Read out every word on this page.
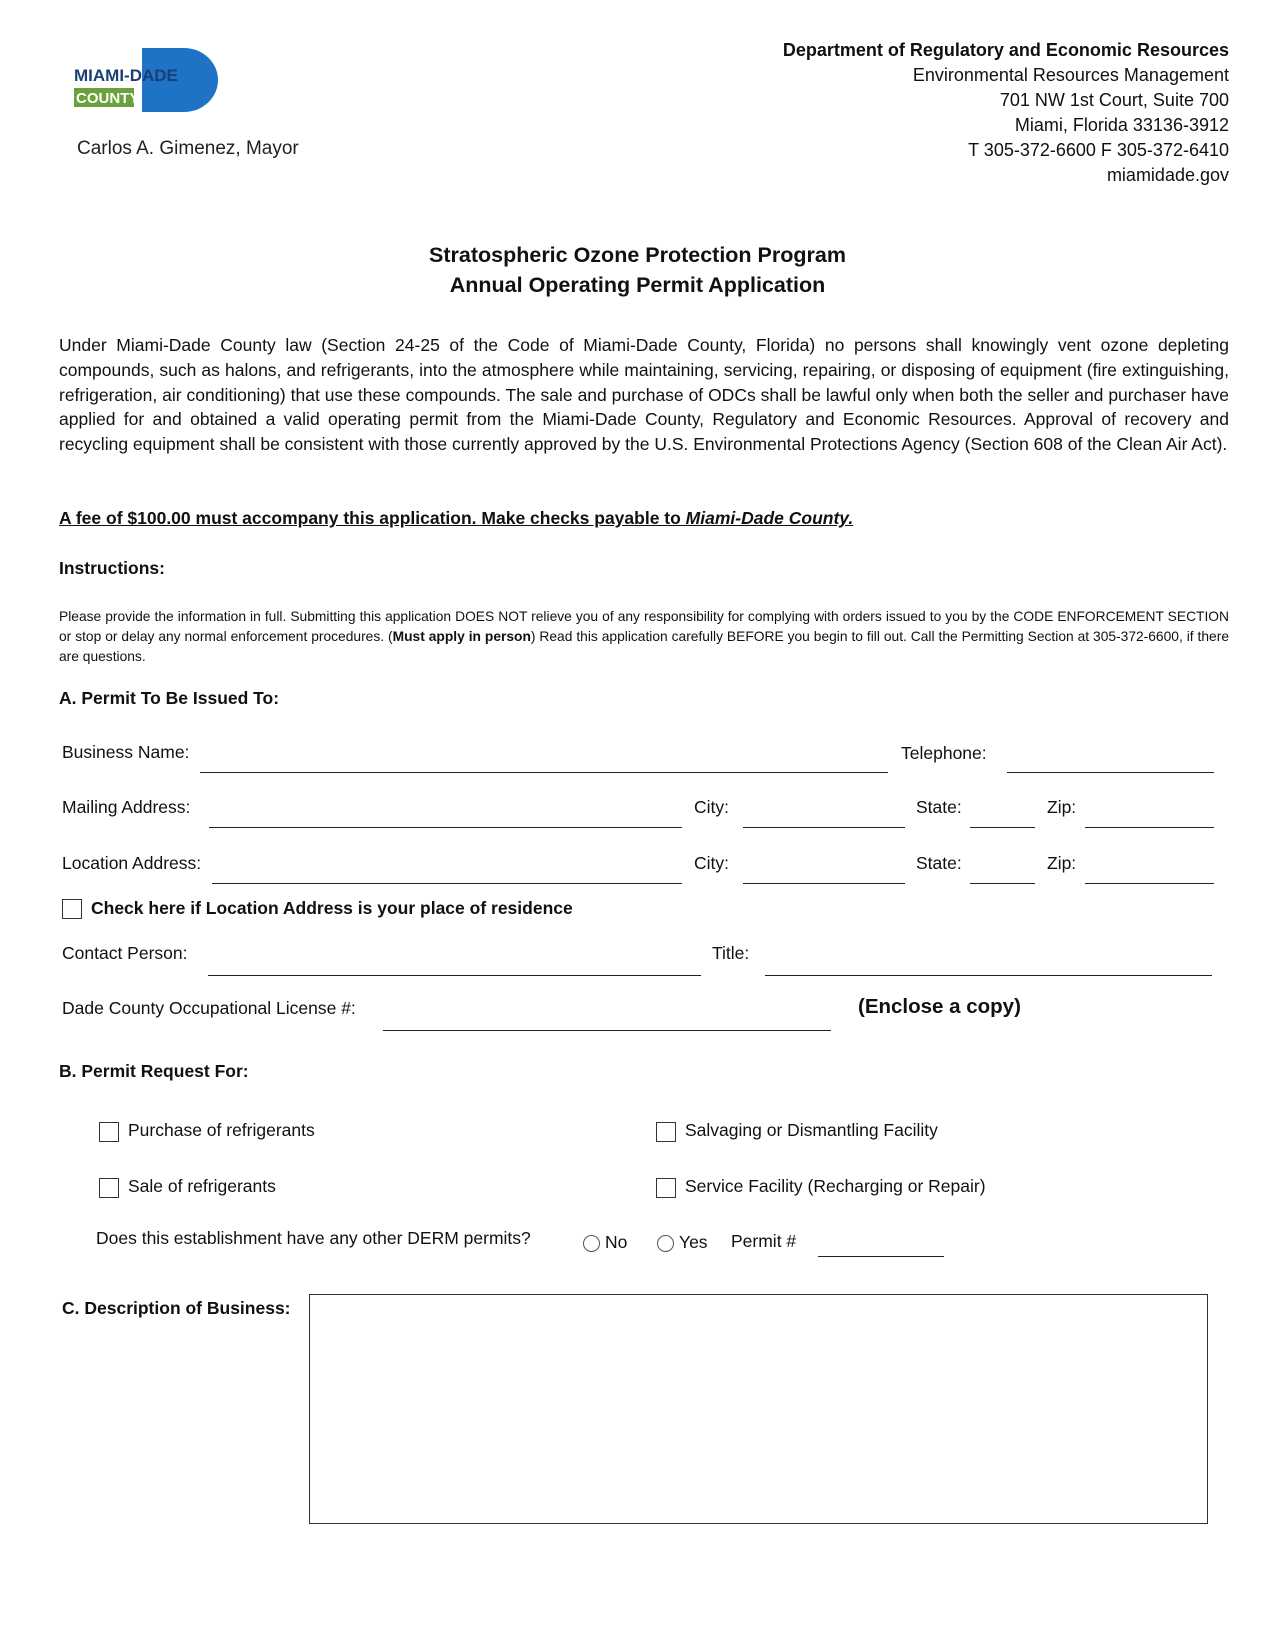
MIAMI-DADE
COUNTY
Carlos A. Gimenez, Mayor
Department of Regulatory and Economic Resources
Environmental Resources Management
701 NW 1st Court, Suite 700
Miami, Florida 33136-3912
T 305-372-6600 F 305-372-6410
miamidade.gov
Stratospheric Ozone Protection Program
Annual Operating Permit Application
Under Miami-Dade County law (Section 24-25 of the Code of Miami-Dade County, Florida) no persons shall knowingly vent ozone depleting compounds, such as halons, and refrigerants, into the atmosphere while maintaining, servicing, repairing, or disposing of equipment (fire extinguishing, refrigeration, air conditioning) that use these compounds. The sale and purchase of ODCs shall be lawful only when both the seller and purchaser have applied for and obtained a valid operating permit from the Miami-Dade County, Regulatory and Economic Resources. Approval of recovery and recycling equipment shall be consistent with those currently approved by the U.S. Environmental Protections Agency (Section 608 of the Clean Air Act).
A fee of $100.00 must accompany this application. Make checks payable to Miami-Dade County.
Instructions:
Please provide the information in full. Submitting this application DOES NOT relieve you of any responsibility for complying with orders issued to you by the CODE ENFORCEMENT SECTION or stop or delay any normal enforcement procedures. (Must apply in person) Read this application carefully BEFORE you begin to fill out. Call the Permitting Section at 305-372-6600, if there are questions.
A. Permit To Be Issued To:
Business Name:	Telephone:
Mailing Address:	City:	State:	Zip:
Location Address:	City:	State:	Zip:
Check here if Location Address is your place of residence
Contact Person:	Title:
Dade County Occupational License #:	(Enclose a copy)
B. Permit Request For:
Purchase of refrigerants	Salvaging or Dismantling Facility
Sale of refrigerants	Service Facility (Recharging or Repair)
Does this establishment have any other DERM permits?	No	Yes Permit #
C. Description of Business:
